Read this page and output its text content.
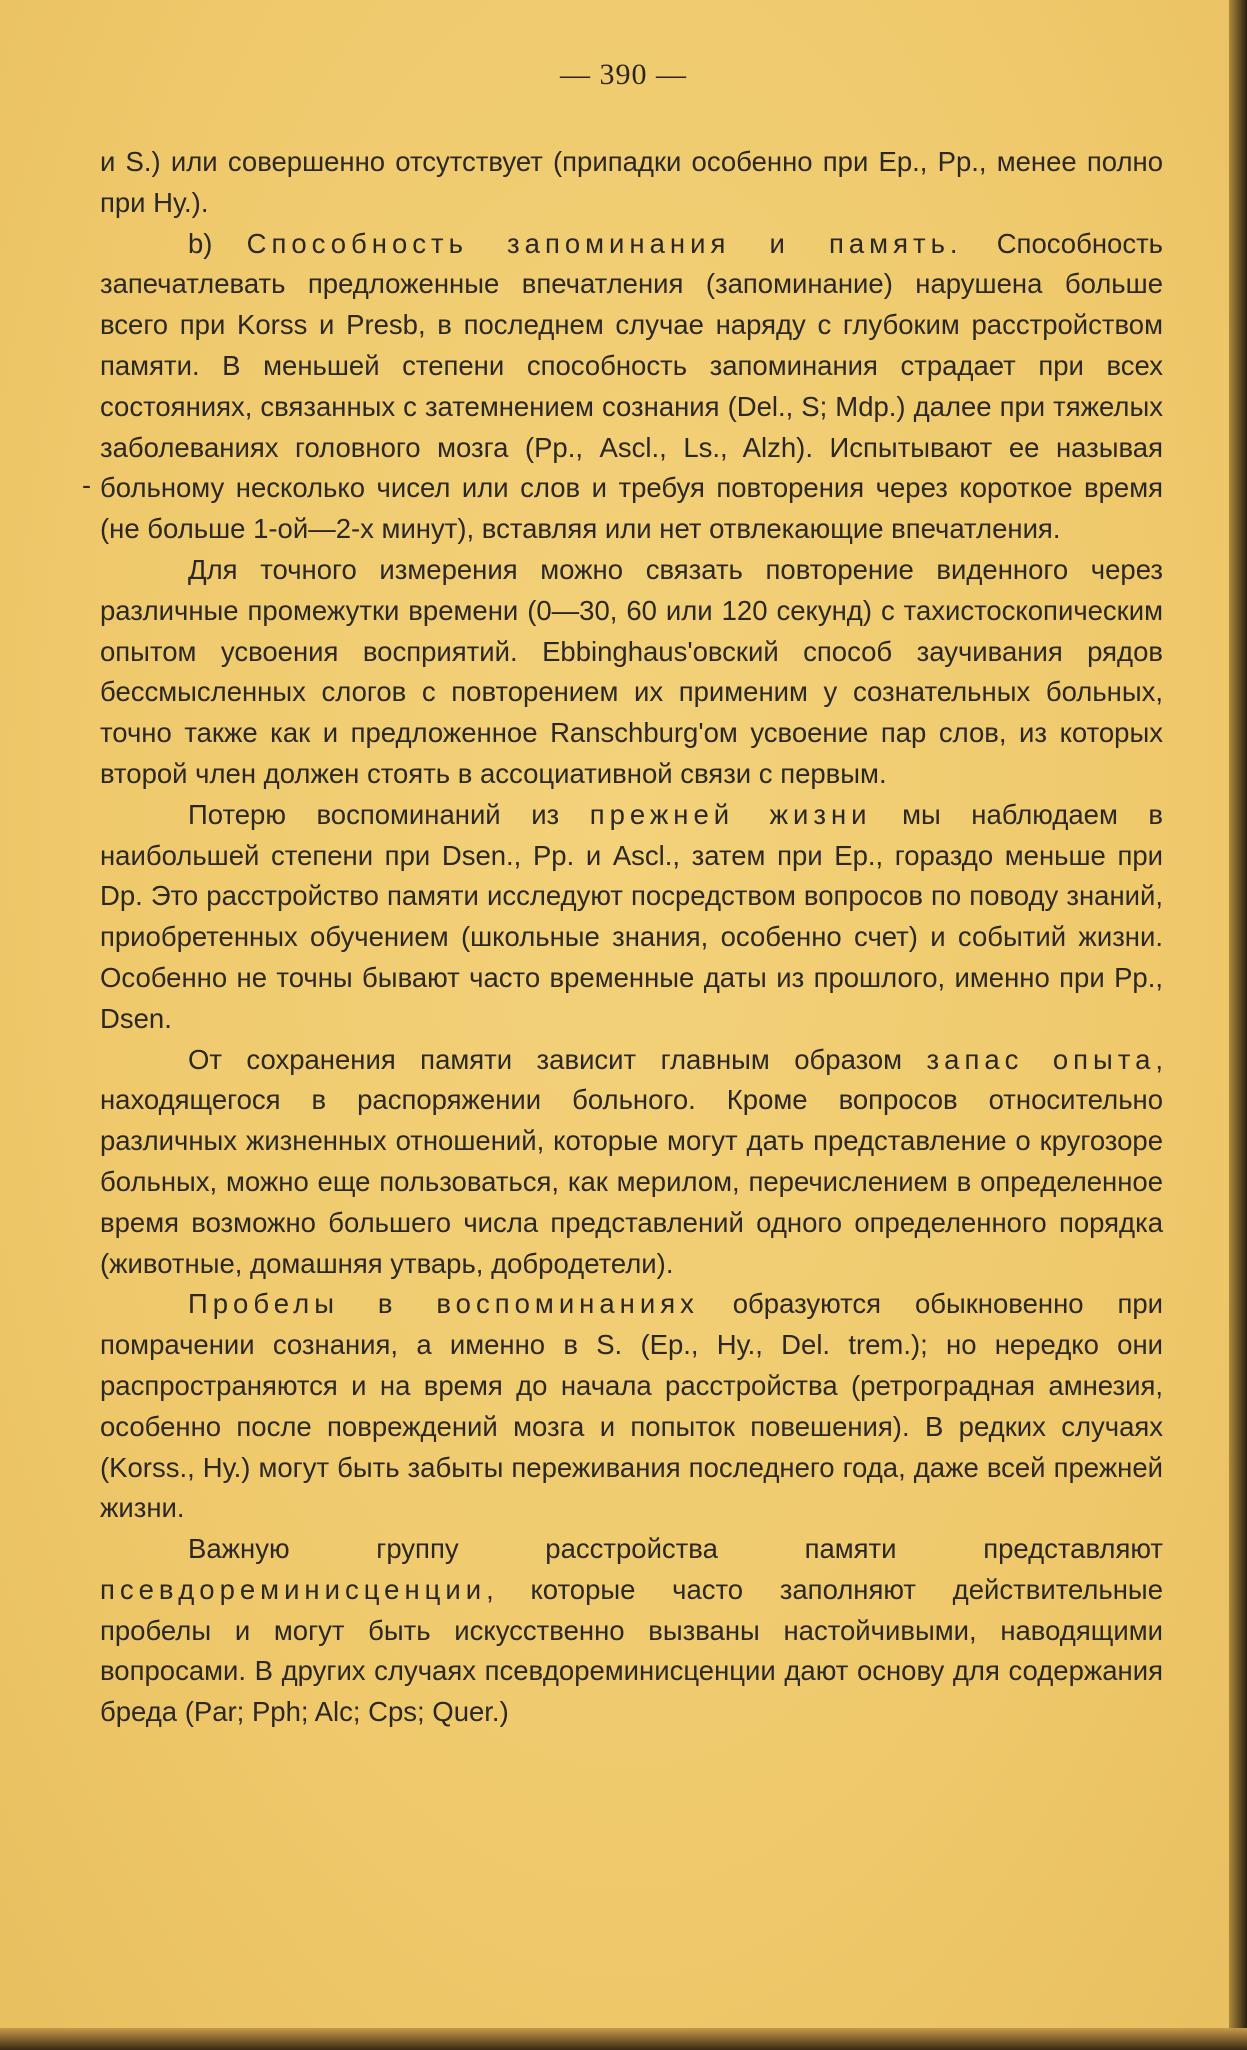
— 390 —
-

и S.) или совершенно отсутствует (припадки особенно при Ер., Рр., менее полно при Ну.).

b) Способность запоминания и память. Способность запечатлевать предложенные впечатления (запоминание) нарушена больше всего при Korss и Presb, в последнем случае наряду с глубоким расстройством памяти. В меньшей степени способность запоминания страдает при всех состояниях, связанных с затемнением сознания (Del., S; Mdp.) далее при тяжелых заболеваниях головного мозга (Рр., Ascl., Ls., Alzh). Испытывают ее называя больному несколько чисел или слов и требуя повторения через короткое время (не больше 1-ой—2-х минут), вставляя или нет отвлекающие впечатления.

Для точного измерения можно связать повторение виденного через различные промежутки времени (0—30, 60 или 120 секунд) с тахистоскопическим опытом усвоения восприятий. Ebbinghaus'овский способ заучивания рядов бессмысленных слогов с повторением их применим у сознательных больных, точно также как и предложенное Ranschburg'ом усвоение пар слов, из которых второй член должен стоять в ассоциативной связи с первым.

Потерю воспоминаний из прежней жизни мы наблюдаем в наибольшей степени при Dsen., Рр. и Ascl., затем при Ер., гораздо меньше при Dp. Это расстройство памяти исследуют посредством вопросов по поводу знаний, приобретенных обучением (школьные знания, особенно счет) и событий жизни. Особенно не точны бывают часто временные даты из прошлого, именно при Рр., Dsen.

От сохранения памяти зависит главным образом запас опыта, находящегося в распоряжении больного. Кроме вопросов относительно различных жизненных отношений, которые могут дать представление о кругозоре больных, можно еще пользоваться, как мерилом, перечислением в определенное время возможно большего числа представлений одного определенного порядка (животные, домашняя утварь, добродетели).

Пробелы в воспоминаниях образуются обыкновенно при помрачении сознания, а именно в S. (Ер., Ну., Del. trem.); но нередко они распространяются и на время до начала расстройства (ретроградная амнезия, особенно после повреждений мозга и попыток повешения). В редких случаях (Korss., Ну.) могут быть забыты переживания последнего года, даже всей прежней жизни.

Важную группу расстройства памяти представляют псевдореминисценции, которые часто заполняют действительные пробелы и могут быть искусственно вызваны настойчивыми, наводящими вопросами. В других случаях псевдореминисценции дают основу для содержания бреда (Par; Pph; Alc; Cps; Quer.)
